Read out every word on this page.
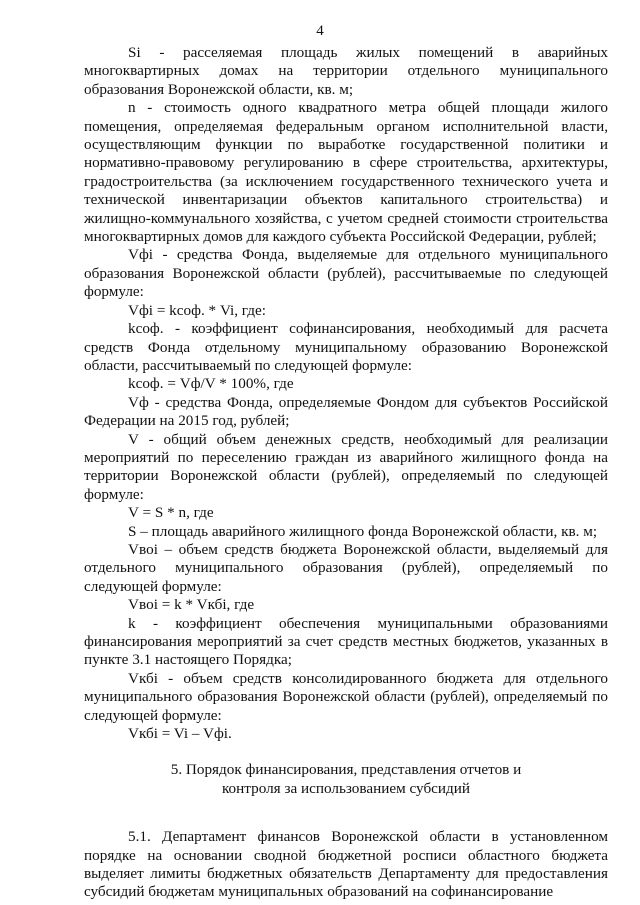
4

Si - расселяемая площадь жилых помещений в аварийных многоквартирных домах на территории отдельного муниципального образования Воронежской области, кв. м;

n - стоимость одного квадратного метра общей площади жилого помещения, определяемая федеральным органом исполнительной власти, осуществляющим функции по выработке государственной политики и нормативно-правовому регулированию в сфере строительства, архитектуры, градостроительства (за исключением государственного технического учета и технической инвентаризации объектов капитального строительства) и жилищно-коммунального хозяйства, с учетом средней стоимости строительства многоквартирных домов для каждого субъекта Российской Федерации, рублей;

Vфi - средства Фонда, выделяемые для отдельного муниципального образования Воронежской области (рублей), рассчитываемые по следующей формуле:

Vфi = kсоф. * Vi, где:

kсоф. - коэффициент софинансирования, необходимый для расчета средств Фонда отдельному муниципальному образованию Воронежской области, рассчитываемый по следующей формуле:

kсоф. = Vф/V * 100%, где

Vф - средства Фонда, определяемые Фондом для субъектов Российской Федерации на 2015 год, рублей;

V - общий объем денежных средств, необходимый для реализации мероприятий по переселению граждан из аварийного жилищного фонда на территории Воронежской области (рублей), определяемый по следующей формуле:

V = S * n, где

S – площадь аварийного жилищного фонда Воронежской области, кв. м;

Vвoi – объем средств бюджета Воронежской области, выделяемый для отдельного муниципального образования (рублей), определяемый по следующей формуле:

Vвoi = k * Vкбi, где

k - коэффициент обеспечения муниципальными образованиями финансирования мероприятий за счет средств местных бюджетов, указанных в пункте 3.1 настоящего Порядка;

Vкбi - объем средств консолидированного бюджета для отдельного муниципального образования Воронежской области (рублей), определяемый по следующей формуле:

Vкбi = Vi – Vфi.

5. Порядок финансирования, представления отчетов и

контроля за использованием субсидий

5.1. Департамент финансов Воронежской области в установленном порядке на основании сводной бюджетной росписи областного бюджета выделяет лимиты бюджетных обязательств Департаменту для предоставления субсидий бюджетам муниципальных образований на софинансирование
